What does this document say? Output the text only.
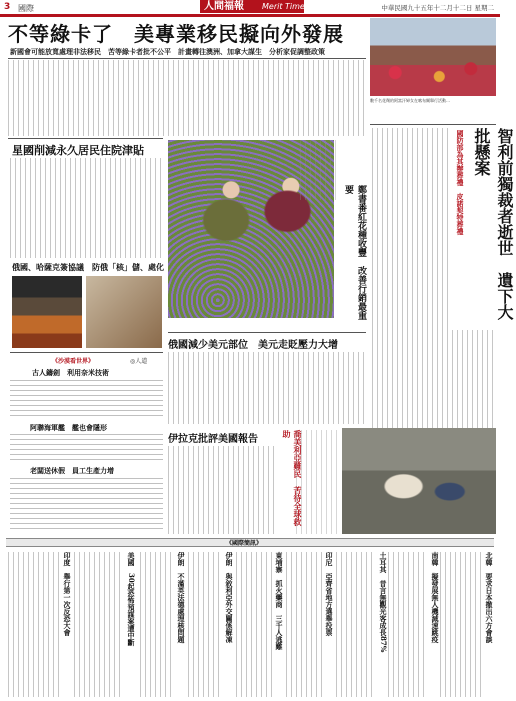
3 國際	人間福報	Merit Times	中華民國九十五年十二月十二日 星期二
不等綠卡了　美專業移民擬向外發展
新國會可能放寬處理非法移民　苦等綠卡者批不公平　計畫轉往澳洲、加拿大謀生　分析家促調整政策
數千名花劑的阿富汗婦女在喀布爾舉行活動…
智利前獨裁者逝世　遺下大批懸案
國防部為其辦葬禮　皮諾契特葬禮
星國削減永久居民住院津貼
俄國、哈薩克簽協議　防俄「核」儲、處化	鄭書番紅花種收豐　改善行銷最重要
《沙漠看世界》	◎人道
古人鑄劍　利用奈米技術
阿聯海軍艦　艦也會隱形
老闆送休假　員工生產力增
俄國減少美元部位　美元走貶壓力大增
伊拉克批評美國報告	喬美利亞難民　苦待全球救助
《國際簡訊》
北韓　要求日本撤出六方會談
南韓　擬發展無人機減速跳疫
土耳其　昔言無觀光客成長87%
印尼　亞齊省地方選舉投票
東埔寨　抓火藥商　三千人逃難
伊朗　與敘利亞外交關係解凍
伊朗　不滿英法德處理核問題
美國　30起恐怖預謀案遭中斷
印度　舉行第一次反恐大會
